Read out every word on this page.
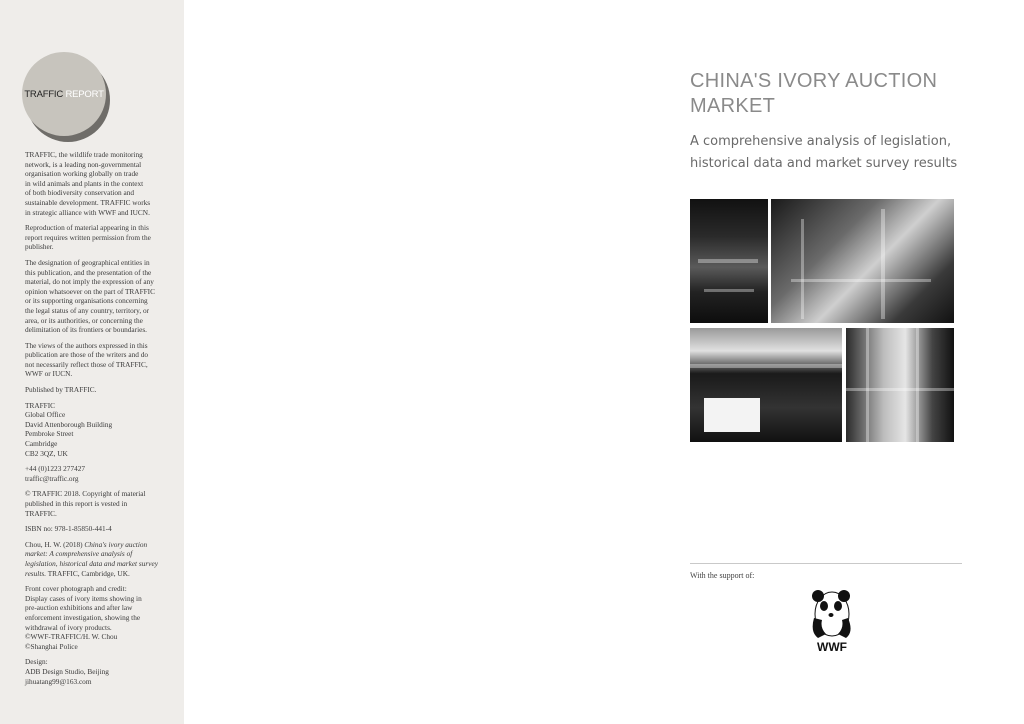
TRAFFIC REPORT

TRAFFIC, the wildlife trade monitoring
network, is a leading non-governmental
organisation working globally on trade
in wild animals and plants in the context
of both biodiversity conservation and
sustainable development. TRAFFIC works
in strategic alliance with WWF and IUCN.

Reproduction of material appearing in this
report requires written permission from the
publisher.

The designation of geographical entities in
this publication, and the presentation of the
material, do not imply the expression of any
opinion whatsoever on the part of TRAFFIC
or its supporting organisations concerning
the legal status of any country, territory, or
area, or its authorities, or concerning the
delimitation of its frontiers or boundaries.

The views of the authors expressed in this
publication are those of the writers and do
not necessarily reflect those of TRAFFIC,
WWF or IUCN.

Published by TRAFFIC.

TRAFFIC
Global Office
David Attenborough Building
Pembroke Street
Cambridge
CB2 3QZ, UK

+44 (0)1223 277427
traffic@traffic.org

© TRAFFIC 2018. Copyright of material
published in this report is vested in
TRAFFIC.

ISBN no: 978-1-85850-441-4

Chou, H. W. (2018) China's ivory auction
market: A comprehensive analysis of
legislation, historical data and market survey
results. TRAFFIC, Cambridge, UK.

Front cover photograph and credit:
Display cases of ivory items showing in
pre-auction exhibitions and after law
enforcement investigation, showing the
withdrawal of ivory products.
©WWF-TRAFFIC/H. W. Chou
©Shanghai Police

Design:
ADB Design Studio, Beijing
jihuatang99@163.com

CHINA'S IVORY AUCTION
MARKET
A comprehensive analysis of legislation,
historical data and market survey results
With the support of:
WWF
